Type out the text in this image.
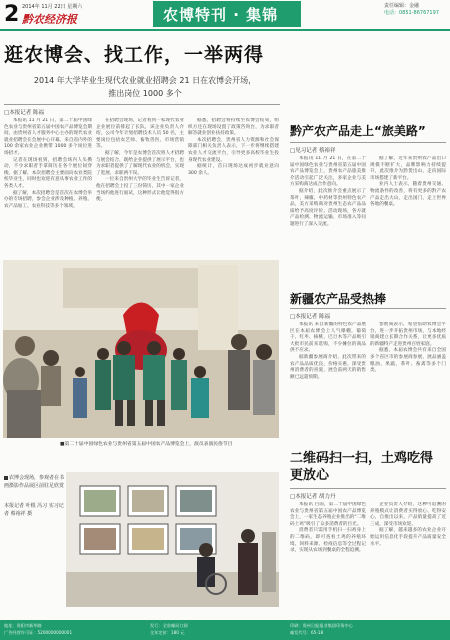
2 2014年 11月 22日 星期六
黔农经济报	农博特刊 · 集锦	责任编辑：金融
电话：0851-86767197
逛农博会、找工作，一举两得
2014 年大学毕业生现代农业就业招聘会 21 日在农博会开场，推出岗位 1000 多个
□本报记者 陈福

本报讯 11 月 21 日，第二十届中国绿色农业与贵州省第五届中国农产品博览会期间，由贵州省人才服务中心主办的现代农业就业招聘会在会展中心开幕。来自省内外的 100 余家农业企业携带 1000 多个岗位进场招才。

记者在现场看到，招聘会场内人头攒动，不少求职者手拿简历在各个展位间穿梭。据了解，本次招聘会主要面向农业类院校毕业生，同时也欢迎有意从事农业工作的各类人才。

据了解，本次招聘会是首次在农博会举办的专场招聘，参会企业涉及种植、养殖、农产品加工、农业科技等多个领域。

在招聘会现场，记者看到一家现代农业企业展位前排起了长队，该企业负责人介绍，公司今年计划招聘技术人员 50 名，主要岗位包括农艺师、畜牧兽医、市场营销等。

据了解，今年是农博会首次将人才招聘与展会结合，既给企业提供了展示平台，也为求职者提供了了解现代农业的机会，实现了逛展、求职两不误。

一位来自贵州大学的毕业生告诉记者，他在招聘会上投了三份简历，其中一家企业当场约他进行面试，这种形式让他觉得很方便。

据悉，招聘会将持续至农博会结束，组织方还在现场设置了政策咨询台，为求职者解答就业创业扶持政策。

本次招聘会，贵州省人力资源和社会保障部门相关负责人表示，下一步将继续搭建农业人才交流平台，引导更多高校毕业生投身现代农业建设。

据统计，首日现场达成初步就业意向 300 余人。

■第二十届中国绿色农业与贵州省第五届中国农产品博览会上，演员表演民俗节目
农博会现场，参观者在书画摄影作品展区前驻足欣赏
本报记者 叶根 冯习 实习记者 蔡裕祥 摄
黔产农产品走上“旅美路”
□见习记者 蔡裕祥

本报讯 11 月 21 日，在第二十届中国绿色农业与贵州省第五届中国农产品博览会上，贵州农产品旅美推介活动引起广泛关注，多家企业与美方采购商达成合作意向。

据介绍，此次推介会重点展示了茶叶、辣椒、中药材等贵州特色农产品，美方采购商对贵州生态农产品品质给予高度评价。活动现场，各方就产品检测、物流运输、市场准入等问题进行了深入交流。

据了解，近年来贵州农产品出口规模不断扩大，品牌影响力持续提升，此次推介为黔货出山、走向国际市场搭建了新平台。

业内人士表示，随着贵州交通、物流条件的改善，将有更多的黔产农产品走出大山，走出国门，走上世界各地的餐桌。

新疆农产品受热捧
□本报记者 陈福

本报讯 来自新疆的特色农产品展区在本届农博会上人气爆棚，葡萄干、红枣、核桃、巴旦木等产品吸引大批市民前来选购，不少摊位的商品供不应求。

据新疆参展商介绍，此次带来的农产品品质优良，价格实惠，深受贵州消费者的喜爱，展会前两天的销售额已远超预期。

参展商表示，希望借助农博会平台，进一步开拓贵州市场，与本地经销商建立长期合作关系，让更多优质的新疆特产走进贵州百姓家庭。

据悉，本届农博会共有来自全国多个省区市的参展商参展，展品涵盖粮油、果蔬、茶叶、畜禽等多个门类。

二维码扫一扫，土鸡吃得更放心
□本报记者 胡力丹

本报讯 目前，第二十届中国绿色农业与贵州省第五届中国农产品博览会上，一家生态养殖企业推出的“二维码土鸡”吸引了众多消费者的目光。

消费者只需用手机扫一扫鸡身上的二维码，即可查看土鸡的养殖环境、饲料来源、检疫信息等全过程记录，实现从农场到餐桌的全程追溯。

企业负责人介绍，这种可追溯的养殖模式让消费者买得放心、吃得安心，自推出以来，产品销量提高了近三成，深受市场欢迎。

据了解，越来越多的农业企业开始运用信息化手段提升产品质量安全水平。

地址：贵阳市新华路
广告经营许可证：5200000000001
发行：全省邮局订阅
全年定价：180 元
印刷：贵州日报报业集团印务中心
邮发代号：65-18
